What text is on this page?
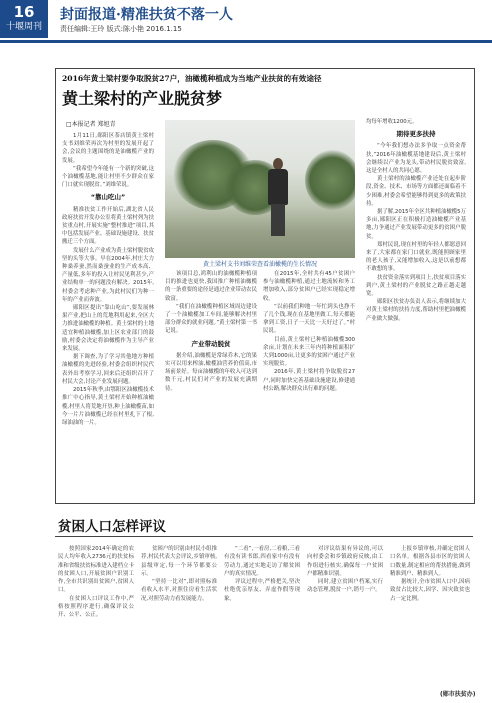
16
十堰周刊
封面报道·精准扶贫不落一人
责任编辑:王玲 版式:陈小艳 2016.1.15
2016年黄土梁村要争取脱贫27户，油橄榄种植成为当地产业扶贫的有效途径
黄土梁村的产业脱贫梦
□本报记者 郑旭青

1月11日,郧阳区茶店镇黄土梁村支书刘维荣再次为村里的发展开起了会,会议的主题围绕的是油橄榄产业的发展。

“我希望今年能有一个新的突破,这个油橄榄基地,能让村里不少群众在家门口就实现脱贫。”刘维荣说。

“靠山吃山”

精准扶贫工作开始后,湖北省人民政府扶贫开发办公室将黄土梁村列为扶贫重点村,开展实施“整村推进”项目,其中包括发展产业、基础设施建设、扶贫搬迁三个方面。

发展什么产业成为黄土梁村脱贫攻坚的头等大事。早在2004年,村庄大力种桑养蚕,然而桑蚕业的生产成本高、产量低,多年的投入让村民见利甚少,产业结构单一的问题没有解决。2015年,村委会考虑种产业,为此村民们为种一年的产业而奔波。

郧阳区提出“靠山吃山”,要发展林果产业,把山上的荒地利用起来,全区大力推进油橄榄的种植。黄土梁村的土地适宜种植油橄榄,加上区农业部门的鼓励,村委会决定将油橄榄作为主导产业来发展。

据下调查,为了学习其他地方种植油橄榄的先进经验,村委会组织村民代表外出考察学习,回来后还组织召开了村民大会,讨论产业发展问题。

2015年秋季,由鄂阳区油橄榄技术推广中心指导,黄土梁村开始种植油橄榄,村里人将荒地开垦,种上油橄榄苗,如今一片片油橄榄已经在村里扎下了根,绿油油的一片。

黄土梁村支书刘维荣查看油橄榄的生长情况

该项目总,鸿利山的油橄榄种植项目的推进也更快,我国推广种植油橄榄的一条重要的途径是通过企业带动农民致富。

“我们在油橄榄种植区域周边建设了一个油橄榄加工车间,能够解决村里部分群众的就业问题。”黄土梁村第一书记说。

产业带动脱贫

据介绍,油橄榄是常绿乔木,它的果实可以用来榨油,橄榄油营养价值高,市场前景好。每亩油橄榄的年收入可达到数千元,村民们对产业的发展充满期待。

在2015年,全村共有45户贫困户参与油橄榄种植,通过土地流转和务工增加收入,部分贫困户已经实现稳定增收。

“以前我们种地一年忙到头也挣不了几个钱,现在在基地里做工,每天都能拿到工资,日子一天比一天好过了。”村民说。

目前,黄土梁村已种植油橄榄300余亩,计划在未来三年内将种植面积扩大到1000亩,让更多的贫困户通过产业实现脱贫。

2016年,黄土梁村将争取脱贫27户,同时加快完善基础设施建设,修建通村公路,解决群众出行难的问题。

均每年增收1200元。

期待更多扶持

“今年我们想办法多争取一点资金帮扶,”2016年油橄榄基地建设后,黄土梁村会继续以产业为龙头,带动村民脱贫致富,这是全村人的共同心愿。

黄土梁村的油橄榄产业还处在起步阶段,资金、技术、市场等方面都还面临着不少困难,村委会希望能够得到更多的政策扶持。

据了解,2015年全区共种植油橄榄5万多亩,郧阳区正在积极打造油橄榄产业基地,力争通过产业发展带动更多的贫困户脱贫。

郑村民说,现在村里的年轻人都愿意回来了,大家都在家门口就业,既能照顾家里的老人孩子,又能增加收入,这是以前想都不敢想的事。

扶贫资金落实到项目上,扶贫项目落实到户,黄土梁村的产业脱贫之路正越走越宽。

郧阳区扶贫办负责人表示,将继续加大对黄土梁村的扶持力度,帮助村里把油橄榄产业做大做强。

贫困人口怎样评议

按照国家2014年确定的农民人均年收入2736元的扶贫标准和省级扶贫标准进入建档立卡的贫困人口,开展贫困户识别工作,全市共识别出贫困户,贫困人口。

在贫困人口评议工作中,严格按照程序进行,确保评议公开、公平、公正。

贫困户的识别由村民小组推荐,村民代表大会评议,乡镇审核,县级审定,每一个环节都要公示。

“坚持一比对”,即对照标准看收入水平,对照住房看生活状况,对照劳动力看发展能力。

“二看”,一看房,二看粮,三看有没有读书郎,四看家中有没有劳动力,通过实地走访了解贫困户的真实情况。

评议过程中,严格把关,坚决杜绝优亲厚友、弄虚作假等现象。

对评议结果有异议的,可以向村委会和乡镇政府反映,由工作组进行核实,确保每一户贫困户都精准识别。

同时,建立贫困户档案,实行动态管理,脱贫一户,销号一户。

上报乡镇审核,并确定贫困人口名单。根据各县市区的贫困人口数量,制定相应的帮扶措施,做到精准到户、精准到人。

据统计,全市贫困人口中,因病致贫占比较大,因学、因灾致贫也占一定比例。

(郧市扶贫办)
